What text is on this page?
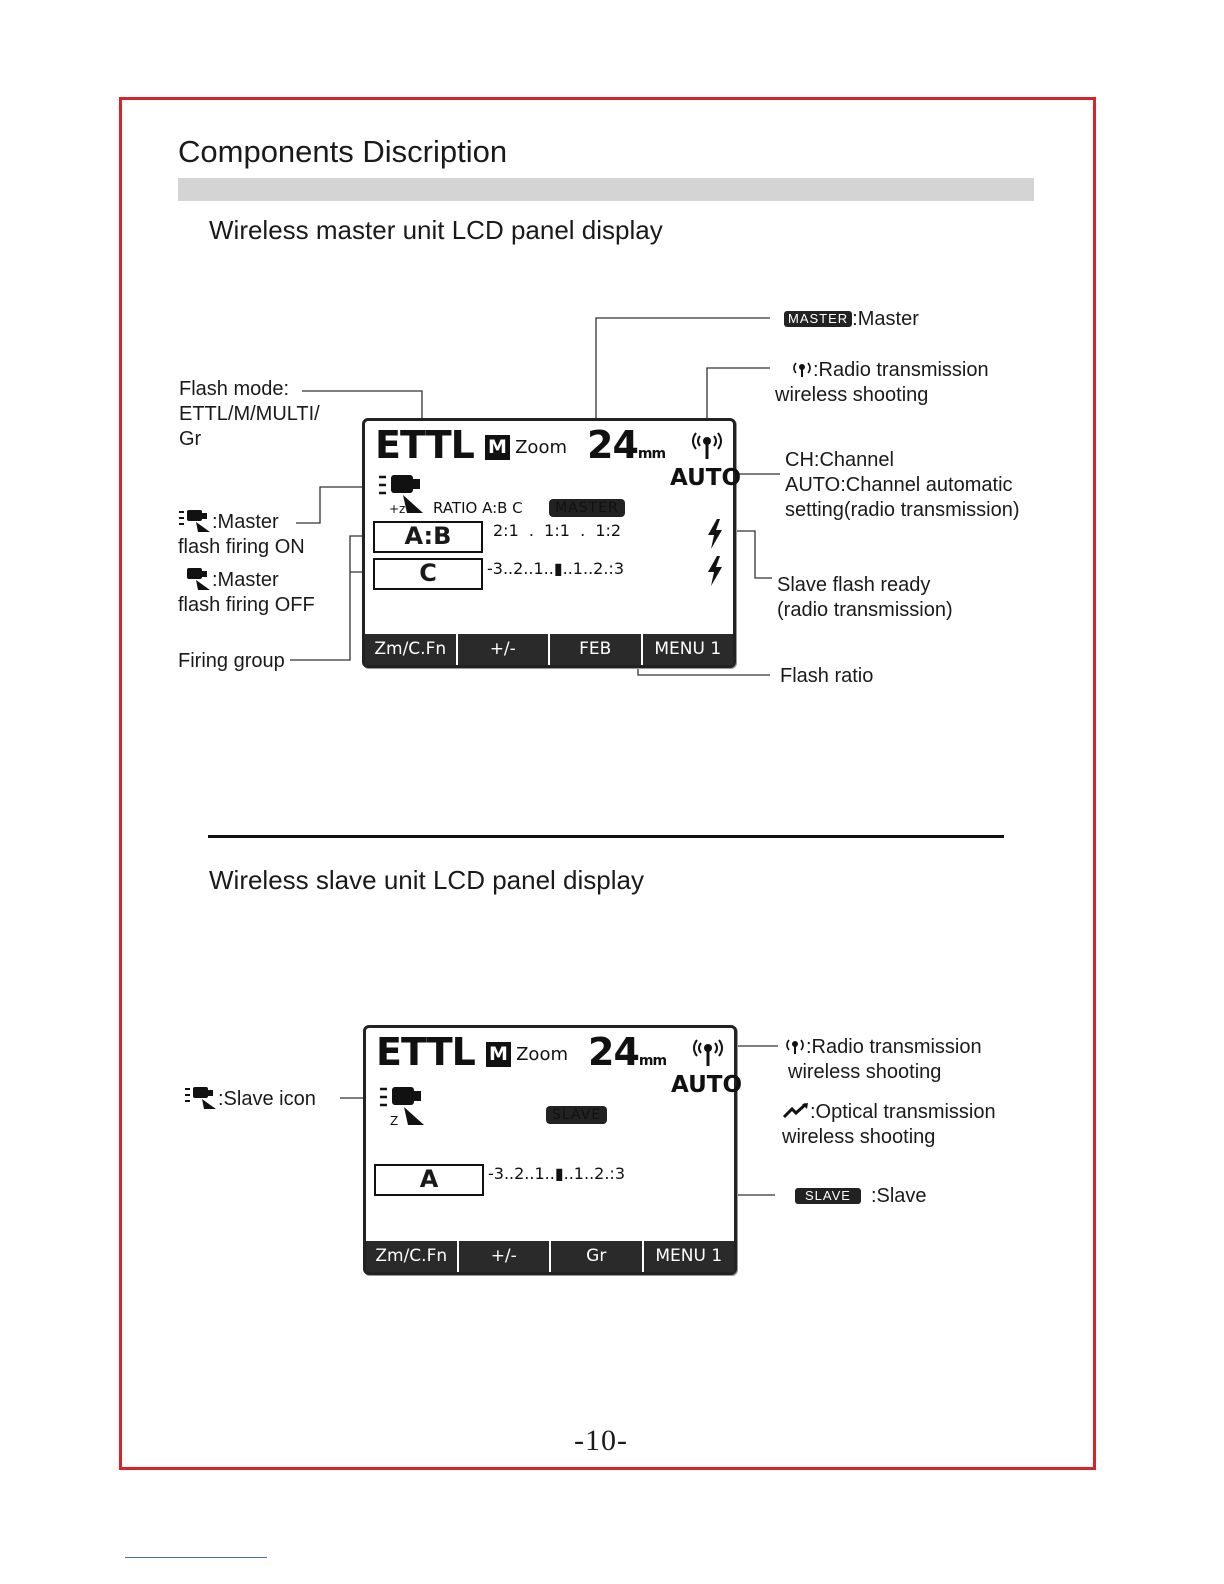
Components Discription
Wireless master unit LCD panel display
ETTL M Zoom 24mm
AUTO
+z RATIO A:B C	MASTER
A:B
C
2:1  .  1:1  .  1:2
-3..2..1..▮..1..2.:3
Zm/C.Fn	+/-	FEB	MENU 1
MASTER :Master
:Radio transmission
wireless shooting
Flash mode:
ETTL/M/MULTI/
Gr
CH:Channel
AUTO:Channel automatic
setting(radio transmission)
:Master
flash firing ON
:Master
flash firing OFF
Slave flash ready
(radio transmission)
Firing group
Flash ratio
Wireless slave unit LCD panel display
ETTL M Zoom 24mm
AUTO
Z	SLAVE
A	-3..2..1..▮..1..2.:3
Zm/C.Fn	+/-	Gr	MENU 1
:Slave icon
:Radio transmission
wireless shooting
:Optical transmission
wireless shooting
SLAVE :Slave
-10-
